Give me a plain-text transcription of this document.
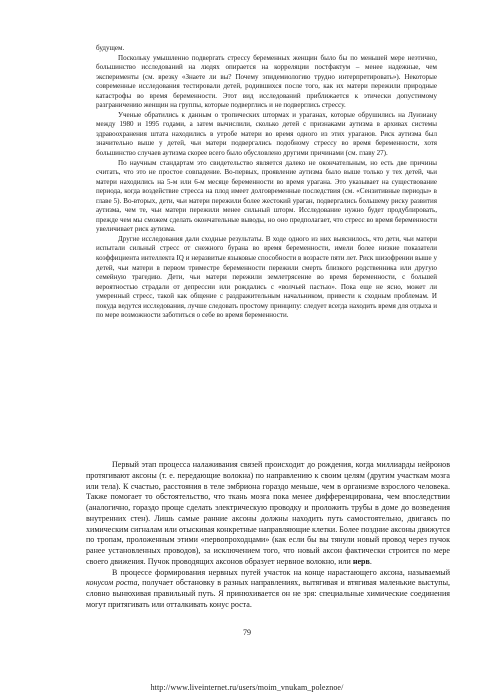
будущем.

Поскольку умышленно подвергать стрессу беременных женщин было бы по меньшей мере неэтично, большинство исследований на людях опирается на корреляции постфактум – менее надежные, чем эксперименты (см. врезку «Знаете ли вы? Почему эпидемиологию трудно интерпретировать»). Некоторые современные исследования тестировали детей, родившихся после того, как их матери пережили природные катастрофы во время беременности. Этот вид исследований приближается к этически допустимому разграничению женщин на группы, которые подверглись и не подверглись стрессу.

Ученые обратились к данным о тропических штормах и ураганах, которые обрушились на Луизиану между 1980 и 1995 годами, а затем вычислили, сколько детей с признаками аутизма в архивах системы здравоохранения штата находились в утробе матери во время одного из этих ураганов. Риск аутизма был значительно выше у детей, чьи матери подвергались подобному стрессу во время беременности, хотя большинство случаев аутизма скорее всего было обусловлено другими причинами (см. главу 27).

По научным стандартам это свидетельство является далеко не окончательным, но есть две причины считать, что это не простое совпадение. Во-первых, проявление аутизма было выше только у тех детей, чьи матери находились на 5-м или 6-м месяце беременности во время урагана. Это указывает на существование периода, когда воздействие стресса на плод имеет долговременные последствия (см. «Сензитивные периоды» в главе 5). Во-вторых, дети, чьи матери пережили более жестокий ураган, подвергались большему риску развития аутизма, чем те, чьи матери пережили менее сильный шторм. Исследование нужно будет продублировать, прежде чем мы сможем сделать окончательные выводы, но оно предполагает, что стресс во время беременности увеличивает риск аутизма.

Другие исследования дали сходные результаты. В ходе одного из них выяснилось, что дети, чьи матери испытали сильный стресс от снежного бурана во время беременности, имели более низкие показатели коэффициента интеллекта IQ и неразвитые языковые способности в возрасте пяти лет. Риск шизофрении выше у детей, чьи матери в первом триместре беременности пережили смерть близкого родственника или другую семейную трагедию. Дети, чьи матери пережили землетрясение во время беременности, с большей вероятностью страдали от депрессии или рождались с «волчьей пастью». Пока еще не ясно, может ли умеренный стресс, такой как общение с раздражительным начальником, привести к сходным проблемам. И покуда ведутся исследования, лучше следовать простому принципу: следует всегда находить время для отдыха и по мере возможности заботиться о себе во время беременности.

Первый этап процесса налаживания связей происходит до рождения, когда миллиарды нейронов протягивают аксоны (т. е. передающие волокна) по направлению к своим целям (другим участкам мозга или тела). К счастью, расстояния в теле эмбриона гораздо меньше, чем в организме взрослого человека. Также помогает то обстоятельство, что ткань мозга пока менее дифференцирована, чем впоследствии (аналогично, гораздо проще сделать электрическую проводку и проложить трубы в доме до возведения внутренних стен). Лишь самые ранние аксоны должны находить путь самостоятельно, двигаясь по химическим сигналам или отыскивая конкретные направляющие клетки. Более поздние аксоны движутся по тропам, проложенным этими «первопроходцами» (как если бы вы тянули новый провод через пучок ранее установленных проводов), за исключением того, что новый аксон фактически строится по мере своего движения. Пучок проводящих аксонов образует нервное волокно, или нерв.

В процессе формирования нервных путей участок на конце нарастающего аксона, называемый конусом роста, получает обстановку в разных направлениях, вытягивая и втягивая маленькие выступы, словно вынюхивая правильный путь. Я принюхивается он не зря: специальные химические соединения могут притягивать или отталкивать конус роста.

79
http://www.liveinternet.ru/users/moim_vnukam_poleznoe/
